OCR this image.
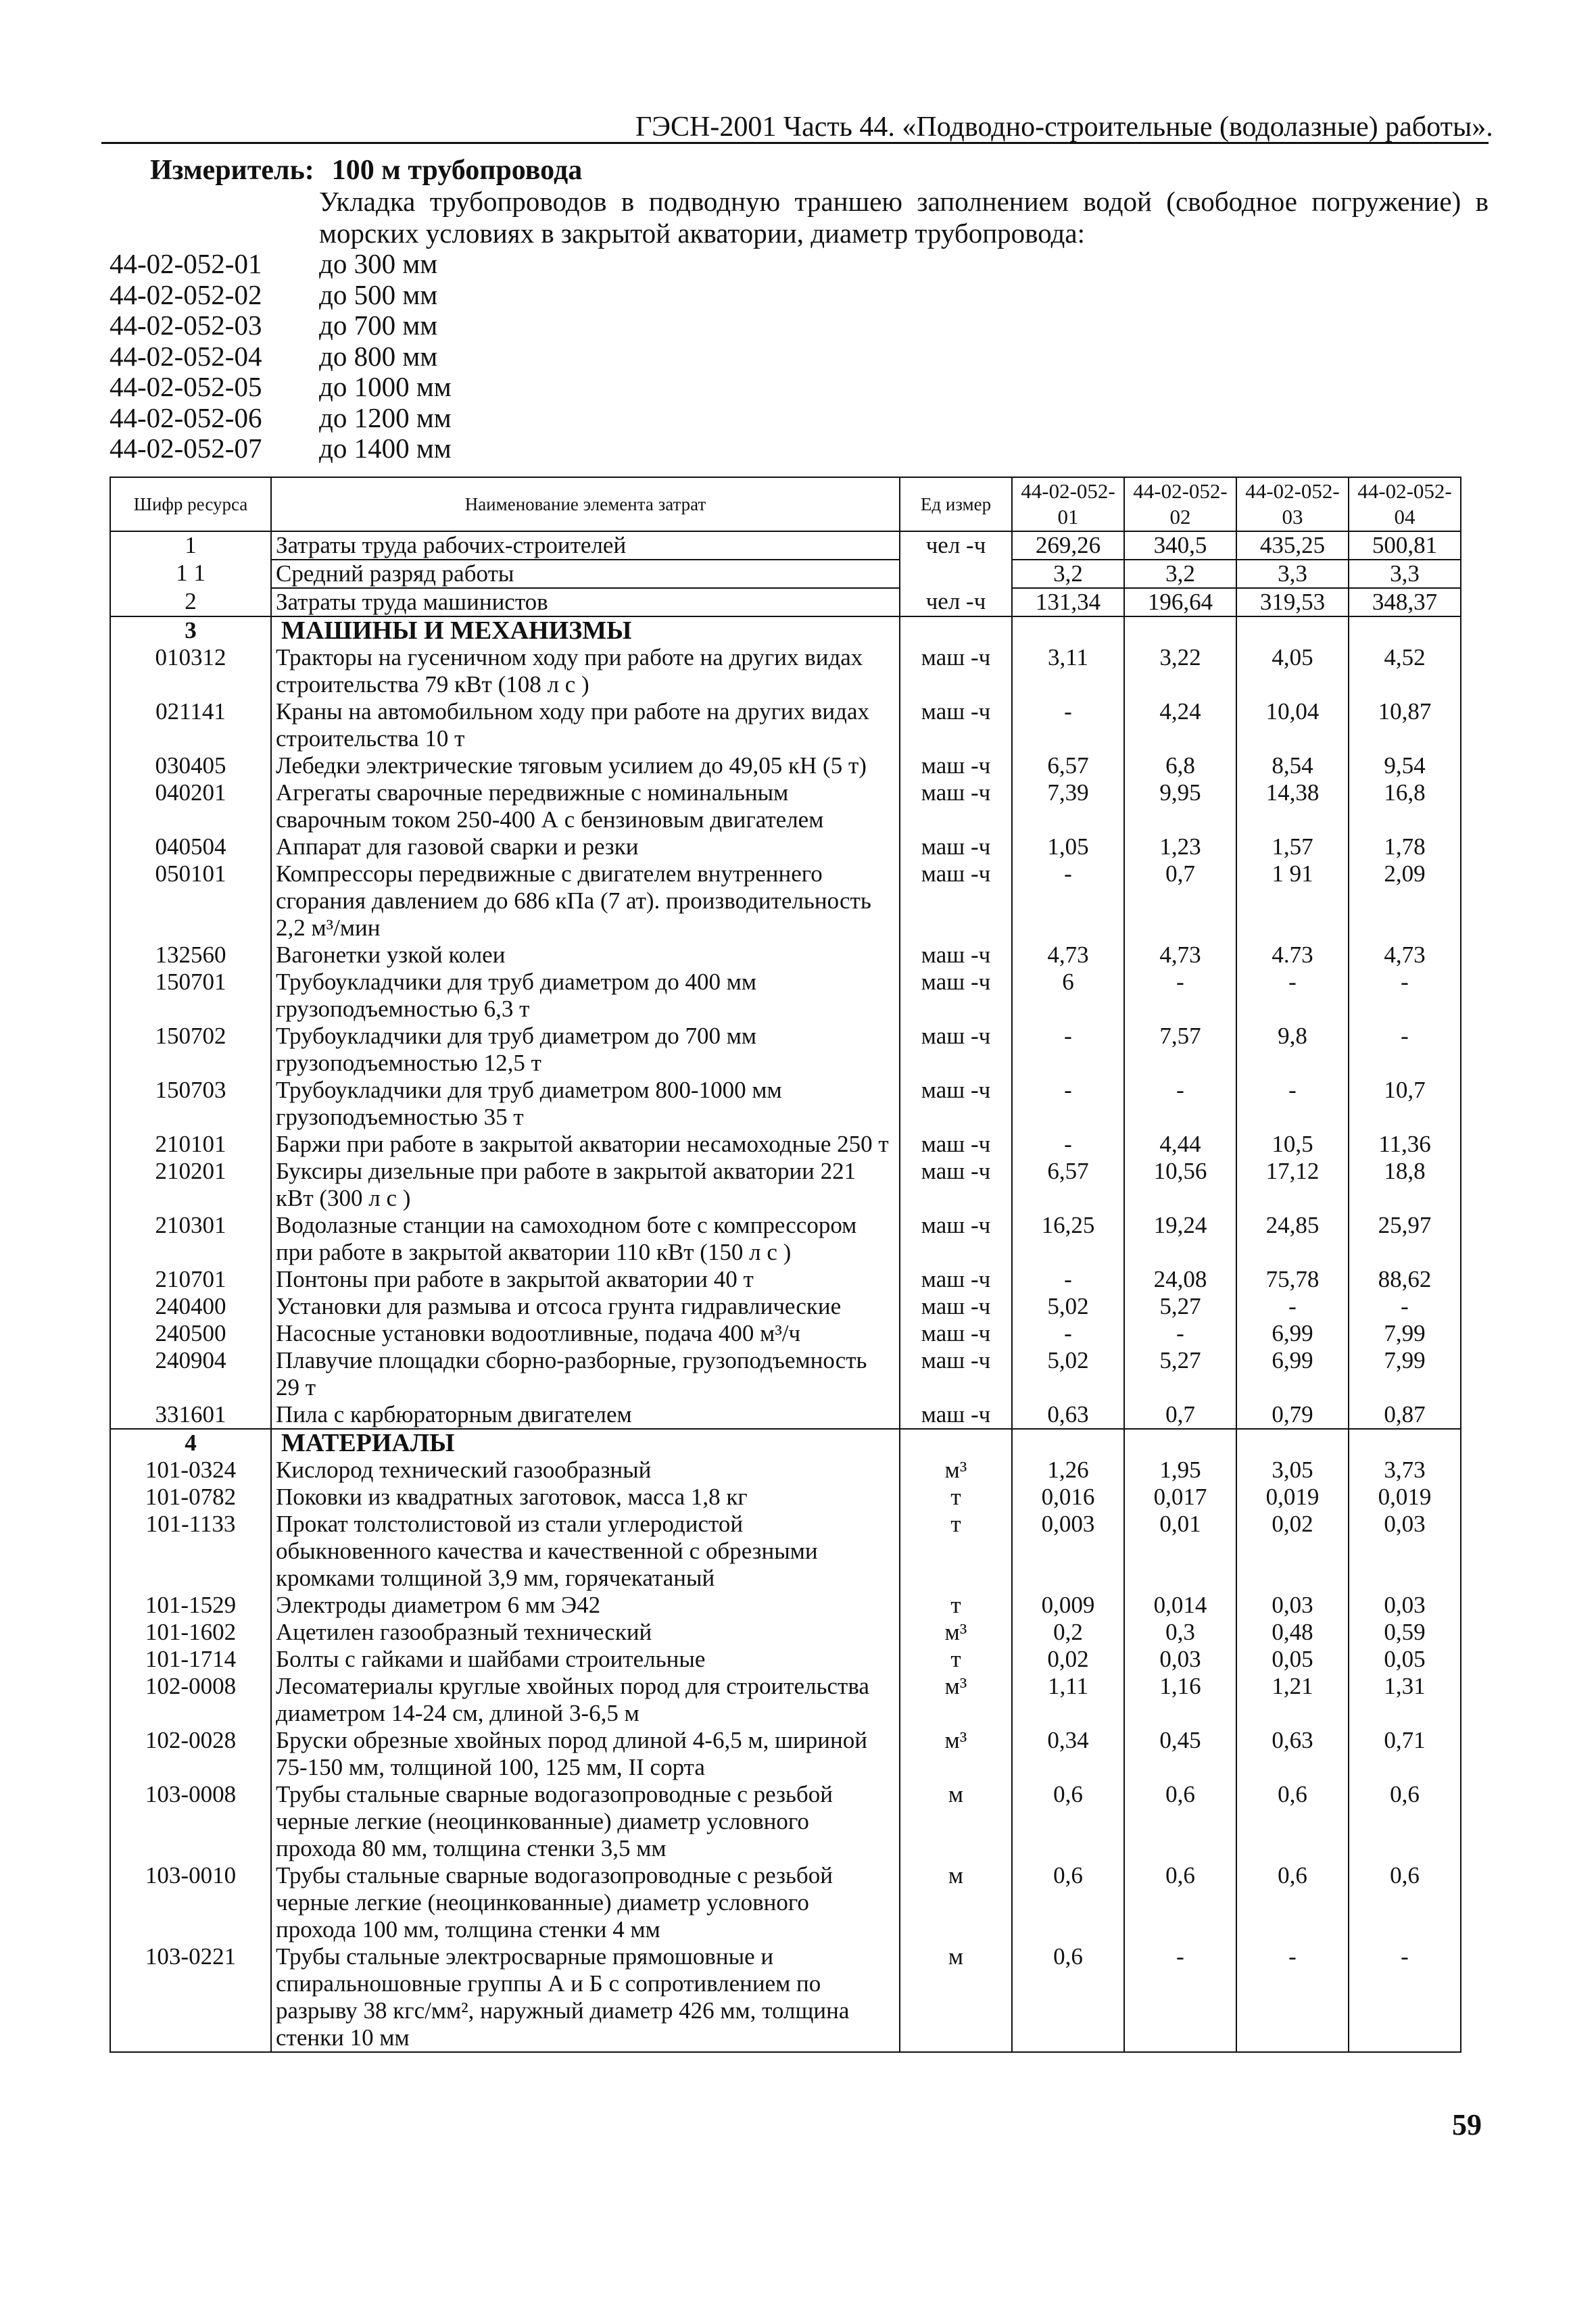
ГЭСН-2001 Часть 44. «Подводно-строительные (водолазные) работы».
Измеритель: 100 м трубопровода
Укладка трубопроводов в подводную траншею заполнением водой (свободное погружение) в морских условиях в закрытой акватории, диаметр трубопровода:
44-02-052-01 до 300 мм
44-02-052-02 до 500 мм
44-02-052-03 до 700 мм
44-02-052-04 до 800 мм
44-02-052-05 до 1000 мм
44-02-052-06 до 1200 мм
44-02-052-07 до 1400 мм
Шифр ресурса	Наименование элемента затрат	Ед измер	44-02-052-01	44-02-052-02	44-02-052-03	44-02-052-04
1	Затраты труда рабочих-строителей	чел -ч	269,26	340,5	435,25	500,81
1 1	Средний разряд работы		3,2	3,2	3,3	3,3
2	Затраты труда машинистов	чел -ч	131,34	196,64	319,53	348,37
3	МАШИНЫ И МЕХАНИЗМЫ					
010312	Тракторы на гусеничном ходу при работе на других видах строительства 79 кВт (108 л с )	маш -ч	3,11	3,22	4,05	4,52
021141	Краны на автомобильном ходу при работе на других видах строительства 10 т	маш -ч	-	4,24	10,04	10,87
030405	Лебедки электрические тяговым усилием до 49,05 кН (5 т)	маш -ч	6,57	6,8	8,54	9,54
040201	Агрегаты сварочные передвижные с номинальным сварочным током 250-400 А с бензиновым двигателем	маш -ч	7,39	9,95	14,38	16,8
040504	Аппарат для газовой сварки и резки	маш -ч	1,05	1,23	1,57	1,78
050101	Компрессоры передвижные с двигателем внутреннего сгорания давлением до 686 кПа (7 ат). производительность 2,2 м³/мин	маш -ч	-	0,7	1 91	2,09
132560	Вагонетки узкой колеи	маш -ч	4,73	4,73	4.73	4,73
150701	Трубоукладчики для труб диаметром до 400 мм грузоподъемностью 6,3 т	маш -ч	6	-	-	-
150702	Трубоукладчики для труб диаметром до 700 мм грузоподъемностью 12,5 т	маш -ч	-	7,57	9,8	-
150703	Трубоукладчики для труб диаметром 800-1000 мм грузоподъемностью 35 т	маш -ч	-	-	-	10,7
210101	Баржи при работе в закрытой акватории несамоходные 250 т	маш -ч	-	4,44	10,5	11,36
210201	Буксиры дизельные при работе в закрытой акватории 221 кВт (300 л с )	маш -ч	6,57	10,56	17,12	18,8
210301	Водолазные станции на самоходном боте с компрессором при работе в закрытой акватории 110 кВт (150 л с )	маш -ч	16,25	19,24	24,85	25,97
210701	Понтоны при работе в закрытой акватории 40 т	маш -ч	-	24,08	75,78	88,62
240400	Установки для размыва и отсоса грунта гидравлические	маш -ч	5,02	5,27	-	-
240500	Насосные установки водоотливные, подача 400 м³/ч	маш -ч	-	-	6,99	7,99
240904	Плавучие площадки сборно-разборные, грузоподъемность 29 т	маш -ч	5,02	5,27	6,99	7,99
331601	Пила с карбюраторным двигателем	маш -ч	0,63	0,7	0,79	0,87
4	МАТЕРИАЛЫ					
101-0324	Кислород технический газообразный	м³	1,26	1,95	3,05	3,73
101-0782	Поковки из квадратных заготовок, масса 1,8 кг	т	0,016	0,017	0,019	0,019
101-1133	Прокат толстолистовой из стали углеродистой обыкновенного качества и качественной с обрезными кромками толщиной 3,9 мм, горячекатаный	т	0,003	0,01	0,02	0,03
101-1529	Электроды диаметром 6 мм Э42	т	0,009	0,014	0,03	0,03
101-1602	Ацетилен газообразный технический	м³	0,2	0,3	0,48	0,59
101-1714	Болты с гайками и шайбами строительные	т	0,02	0,03	0,05	0,05
102-0008	Лесоматериалы круглые хвойных пород для строительства диаметром 14-24 см, длиной 3-6,5 м	м³	1,11	1,16	1,21	1,31
102-0028	Бруски обрезные хвойных пород длиной 4-6,5 м, шириной 75-150 мм, толщиной 100, 125 мм, II сорта	м³	0,34	0,45	0,63	0,71
103-0008	Трубы стальные сварные водогазопроводные с резьбой черные легкие (неоцинкованные) диаметр условного прохода 80 мм, толщина стенки 3,5 мм	м	0,6	0,6	0,6	0,6
103-0010	Трубы стальные сварные водогазопроводные с резьбой черные легкие (неоцинкованные) диаметр условного прохода 100 мм, толщина стенки 4 мм	м	0,6	0,6	0,6	0,6
103-0221	Трубы стальные электросварные прямошовные и спиральношовные группы А и Б с сопротивлением по разрыву 38 кгс/мм², наружный диаметр 426 мм, толщина стенки 10 мм	м	0,6	-	-	-
59
